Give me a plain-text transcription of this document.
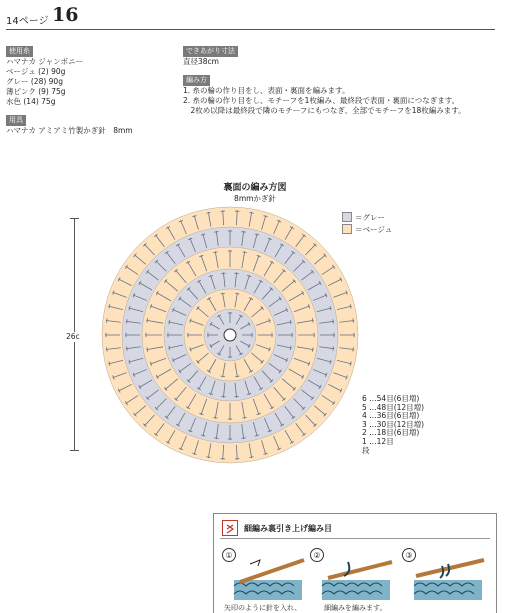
14ページ 16
使用糸
ハマナカ ジャンボニー
ベージュ (2) 90g
グレー (28) 90g
薄ピンク (9) 75g
水色 (14) 75g
用具
ハマナカ アミアミ竹製かぎ針　8mm
できあがり寸法
直径38cm
編み方
1. 糸の輪の作り目をし、表面・裏面を編みます。
2. 糸の輪の作り目をし、モチーフを1枚編み、最終段で表面・裏面につなぎます。
　2枚め以降は最終段で隣のモチーフにもつなぎ、全部でモチーフを18枚編みます。
裏面の編み方図
8mmかぎ針
26c
＝グレー
＝ベージュ
6 …54目(6目増)
5 …48目(12目増)
4 …36目(6目増)
3 …30目(12目増)
2 …18目(6目増)
1 …12目
段
細編み裏引き上げ編み目
①	②	③
矢印のように針を入れ、	細編みを編みます。
